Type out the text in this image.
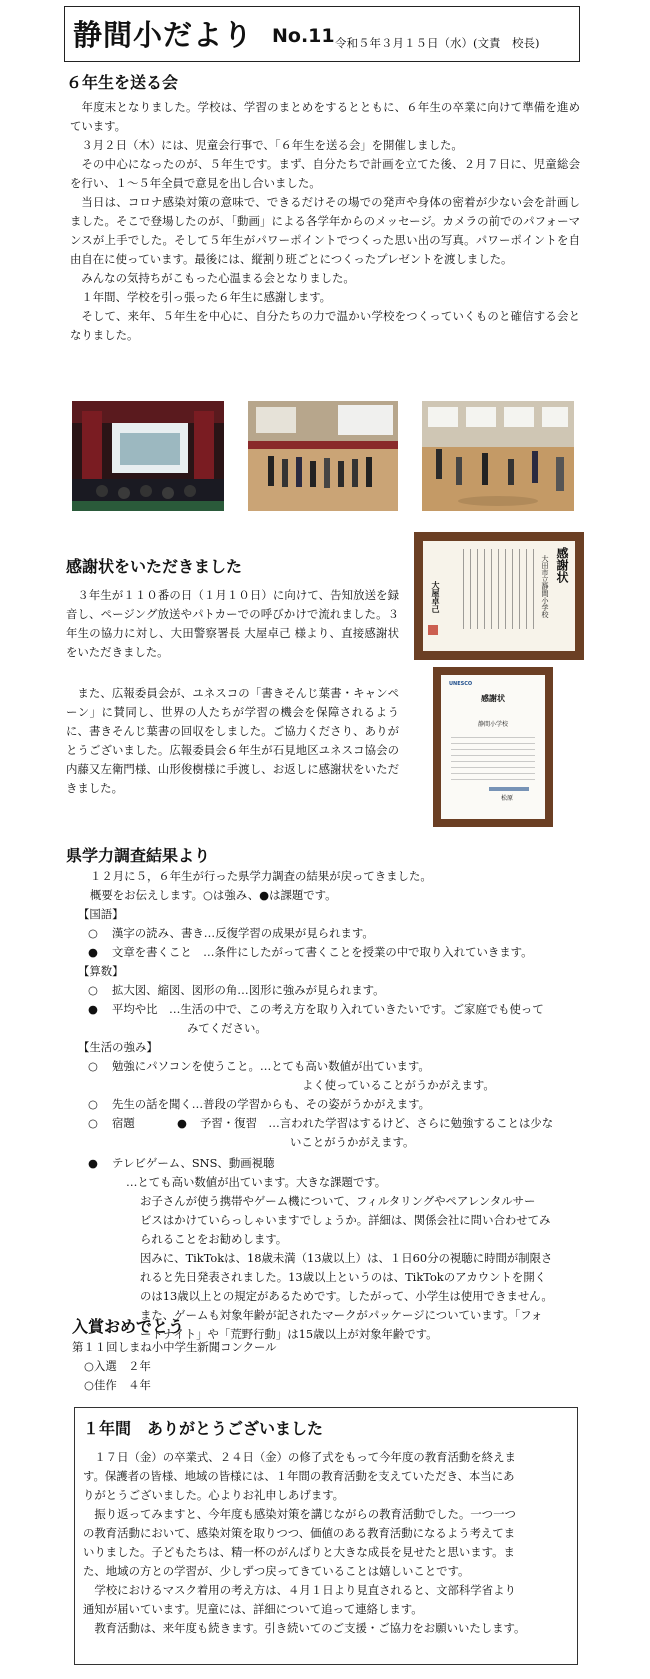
静間小だより No.11 令和５年３月１５日（水）(文責　校長)
６年生を送る会

　年度末となりました。学校は、学習のまとめをするとともに、６年生の卒業に向けて準備を進めています。

３月２日（木）には、児童会行事で、「６年生を送る会」を開催しました。

その中心になったのが、５年生です。まず、自分たちで計画を立てた後、２月７日に、児童総会を行い、１～５年全員で意見を出し合いました。

当日は、コロナ感染対策の意味で、できるだけその場での発声や身体の密着が少ない会を計画しました。そこで登場したのが、「動画」による各学年からのメッセージ。カメラの前でのパフォーマンスが上手でした。そして５年生がパワーポイントでつくった思い出の写真。パワーポイントを自由自在に使っています。最後には、縦割り班ごとにつくったプレゼントを渡しました。

みんなの気持ちがこもった心温まる会となりました。

１年間、学校を引っ張った６年生に感謝します。

そして、来年、５年生を中心に、自分たちの力で温かい学校をつくっていくものと確信する会となりました。

感謝状をいただきました

３年生が１１０番の日（１月１０日）に向けて、告知放送を録音し、ページング放送やパトカーでの呼びかけで流れました。３年生の協力に対し、大田警察署長 大屋卓己 様より、直接感謝状をいただきました。

また、広報委員会が、ユネスコの「書きそんじ葉書・キャンペーン」に賛同し、世界の人たちが学習の機会を保障されるように、書きそんじ葉書の回収をしました。ご協力くださり、ありがとうございました。広報委員会６年生が石見地区ユネスコ協会の内藤又左衛門様、山形俊樹様に手渡し、お返しに感謝状をいただきました。

感謝状
大田市立静間小学校
大屋卓己
UNESCO
感謝状
静間小学校
松原
県学力調査結果より
１２月に５，６年生が行った県学力調査の結果が戻ってきました。
概要をお伝えします。○は強み、●は課題です。
【国語】
○ 漢字の読み、書き…反復学習の成果が見られます。
● 文章を書くこと　…条件にしたがって書くことを授業の中で取り入れていきます。
【算数】
○ 拡大図、縮図、図形の角…図形に強みが見られます。
● 平均や比　…生活の中で、この考え方を取り入れていきたいです。ご家庭でも使って
みてください。
【生活の強み】
○ 勉強にパソコンを使うこと。…とても高い数値が出ています。
よく使っていることがうかがえます。
○ 先生の話を聞く…普段の学習からも、その姿がうかがえます。
○ 宿題	● 予習・復習　…言われた学習はするけど、さらに勉強することは少な
いことがうかがえます。
● テレビゲーム、SNS、動画視聴
…とても高い数値が出ています。大きな課題です。
お子さんが使う携帯やゲーム機について、フィルタリングやペアレンタルサー
ビスはかけていらっしゃいますでしょうか。詳細は、関係会社に問い合わせてみ
られることをお勧めします。
因みに、TikTokは、18歳未満（13歳以上）は、１日60分の視聴に時間が制限さ
れると先日発表されました。13歳以上というのは、TikTokのアカウントを開く
のは13歳以上との規定があるためです。したがって、小学生は使用できません。
また、ゲームも対象年齢が記されたマークがパッケージについています。「フォ
ートナイト」や「荒野行動」は15歳以上が対象年齢です。
入賞おめでとう
第１１回しまね小中学生新聞コンクール
○入選　２年
○佳作　４年
１年間　ありがとうございました
　１７日（金）の卒業式、２４日（金）の修了式をもって今年度の教育活動を終えま
す。保護者の皆様、地域の皆様には、１年間の教育活動を支えていただき、本当にあ
りがとうございました。心よりお礼申しあげます。
　振り返ってみますと、今年度も感染対策を講じながらの教育活動でした。一つ一つ
の教育活動において、感染対策を取りつつ、価値のある教育活動になるよう考えてま
いりました。子どもたちは、精一杯のがんばりと大きな成長を見せたと思います。ま
た、地域の方との学習が、少しずつ戻ってきていることは嬉しいことです。
　学校におけるマスク着用の考え方は、４月１日より見直されると、文部科学省より
通知が届いています。児童には、詳細について追って連絡します。
　教育活動は、来年度も続きます。引き続いてのご支援・ご協力をお願いいたします。
